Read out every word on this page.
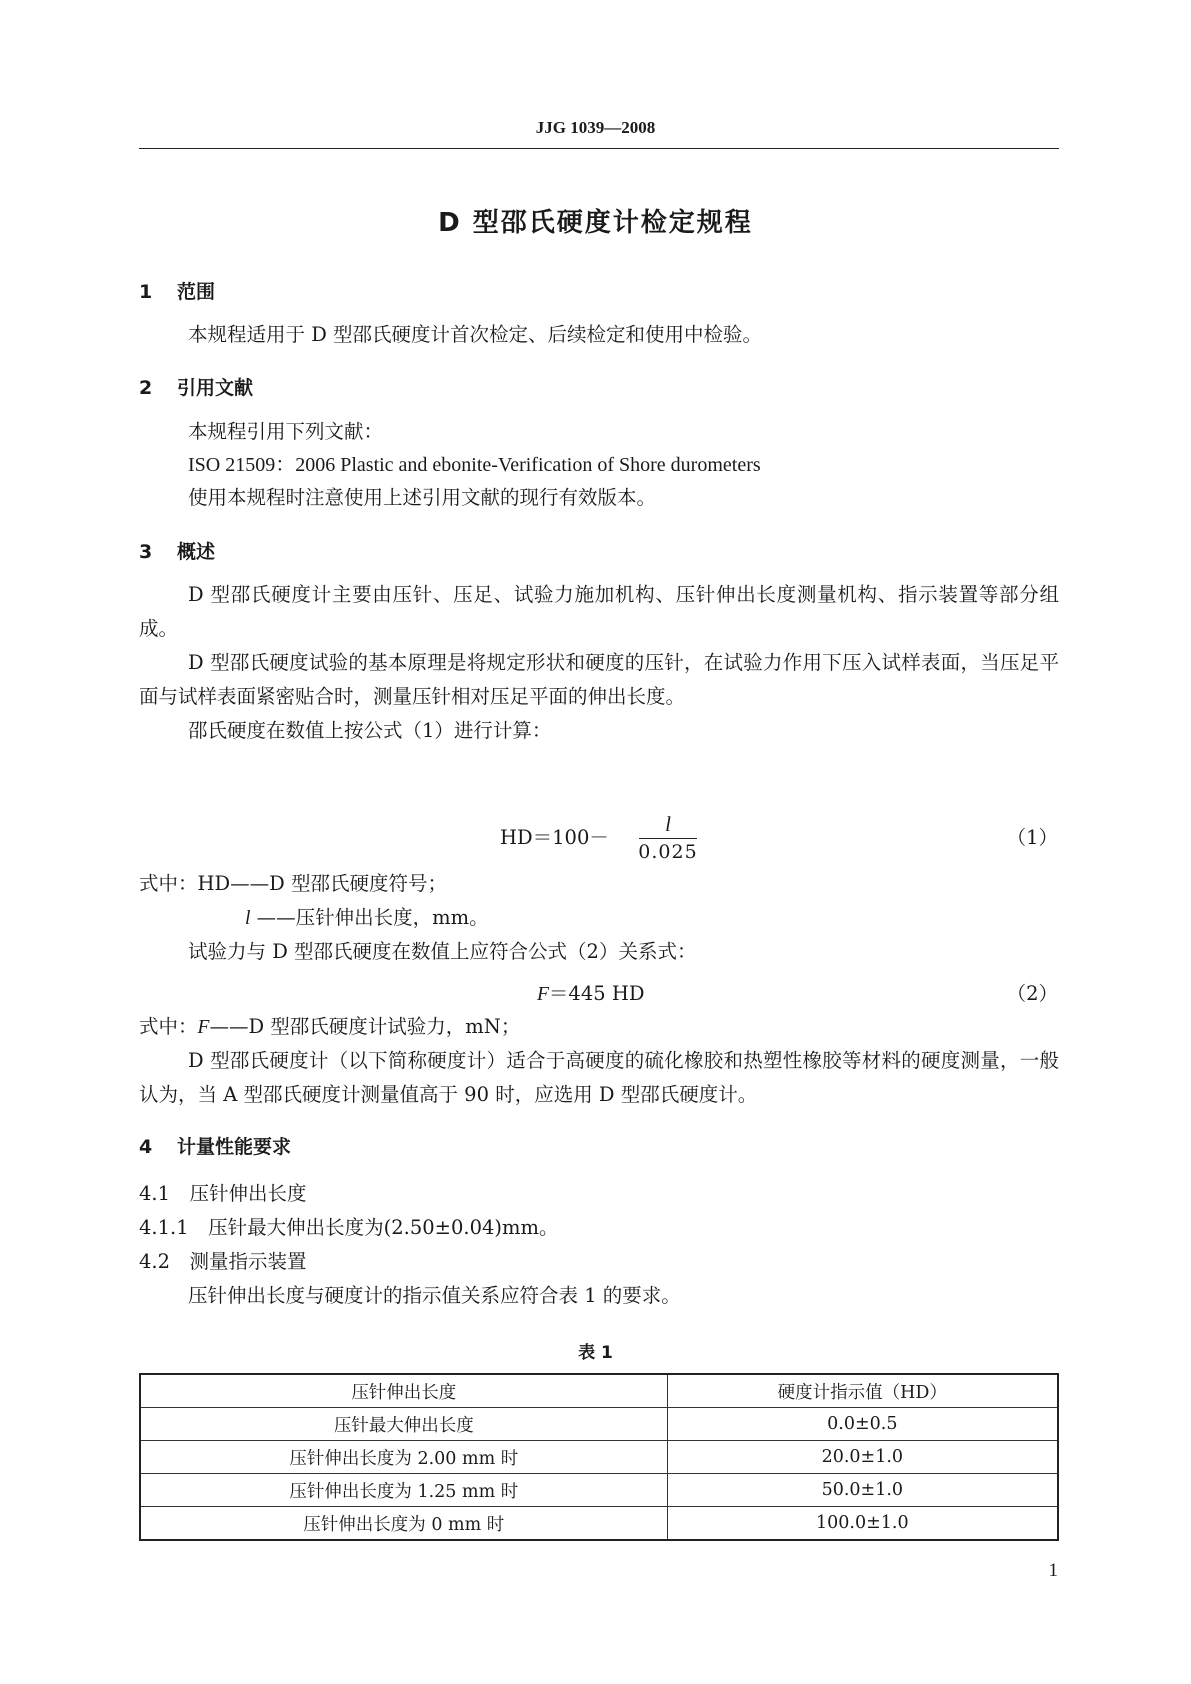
JJG 1039—2008
D 型邵氏硬度计检定规程
1 范围
本规程适用于 D 型邵氏硬度计首次检定、后续检定和使用中检验。
2 引用文献
本规程引用下列文献：
ISO 21509：2006 Plastic and ebonite-Verification of Shore durometers
使用本规程时注意使用上述引用文献的现行有效版本。
3 概述
D 型邵氏硬度计主要由压针、压足、试验力施加机构、压针伸出长度测量机构、指示装置等部分组成。
D 型邵氏硬度试验的基本原理是将规定形状和硬度的压针，在试验力作用下压入试样表面，当压足平面与试样表面紧密贴合时，测量压针相对压足平面的伸出长度。
邵氏硬度在数值上按公式（1）进行计算：
HD＝100－
l
0.025
（1）
式中：HD——D 型邵氏硬度符号；
l ——压针伸出长度，mm。
试验力与 D 型邵氏硬度在数值上应符合公式（2）关系式：
F＝445 HD	（2）
式中：F——D 型邵氏硬度计试验力，mN；
D 型邵氏硬度计（以下简称硬度计）适合于高硬度的硫化橡胶和热塑性橡胶等材料的硬度测量，一般认为，当 A 型邵氏硬度计测量值高于 90 时，应选用 D 型邵氏硬度计。
4 计量性能要求
4.1　压针伸出长度
4.1.1　压针最大伸出长度为(2.50±0.04)mm。
4.2　测量指示装置
压针伸出长度与硬度计的指示值关系应符合表 1 的要求。
表 1
压针伸出长度	硬度计指示值（HD）
压针最大伸出长度	0.0±0.5
压针伸出长度为 2.00 mm 时	20.0±1.0
压针伸出长度为 1.25 mm 时	50.0±1.0
压针伸出长度为 0 mm 时	100.0±1.0
1
